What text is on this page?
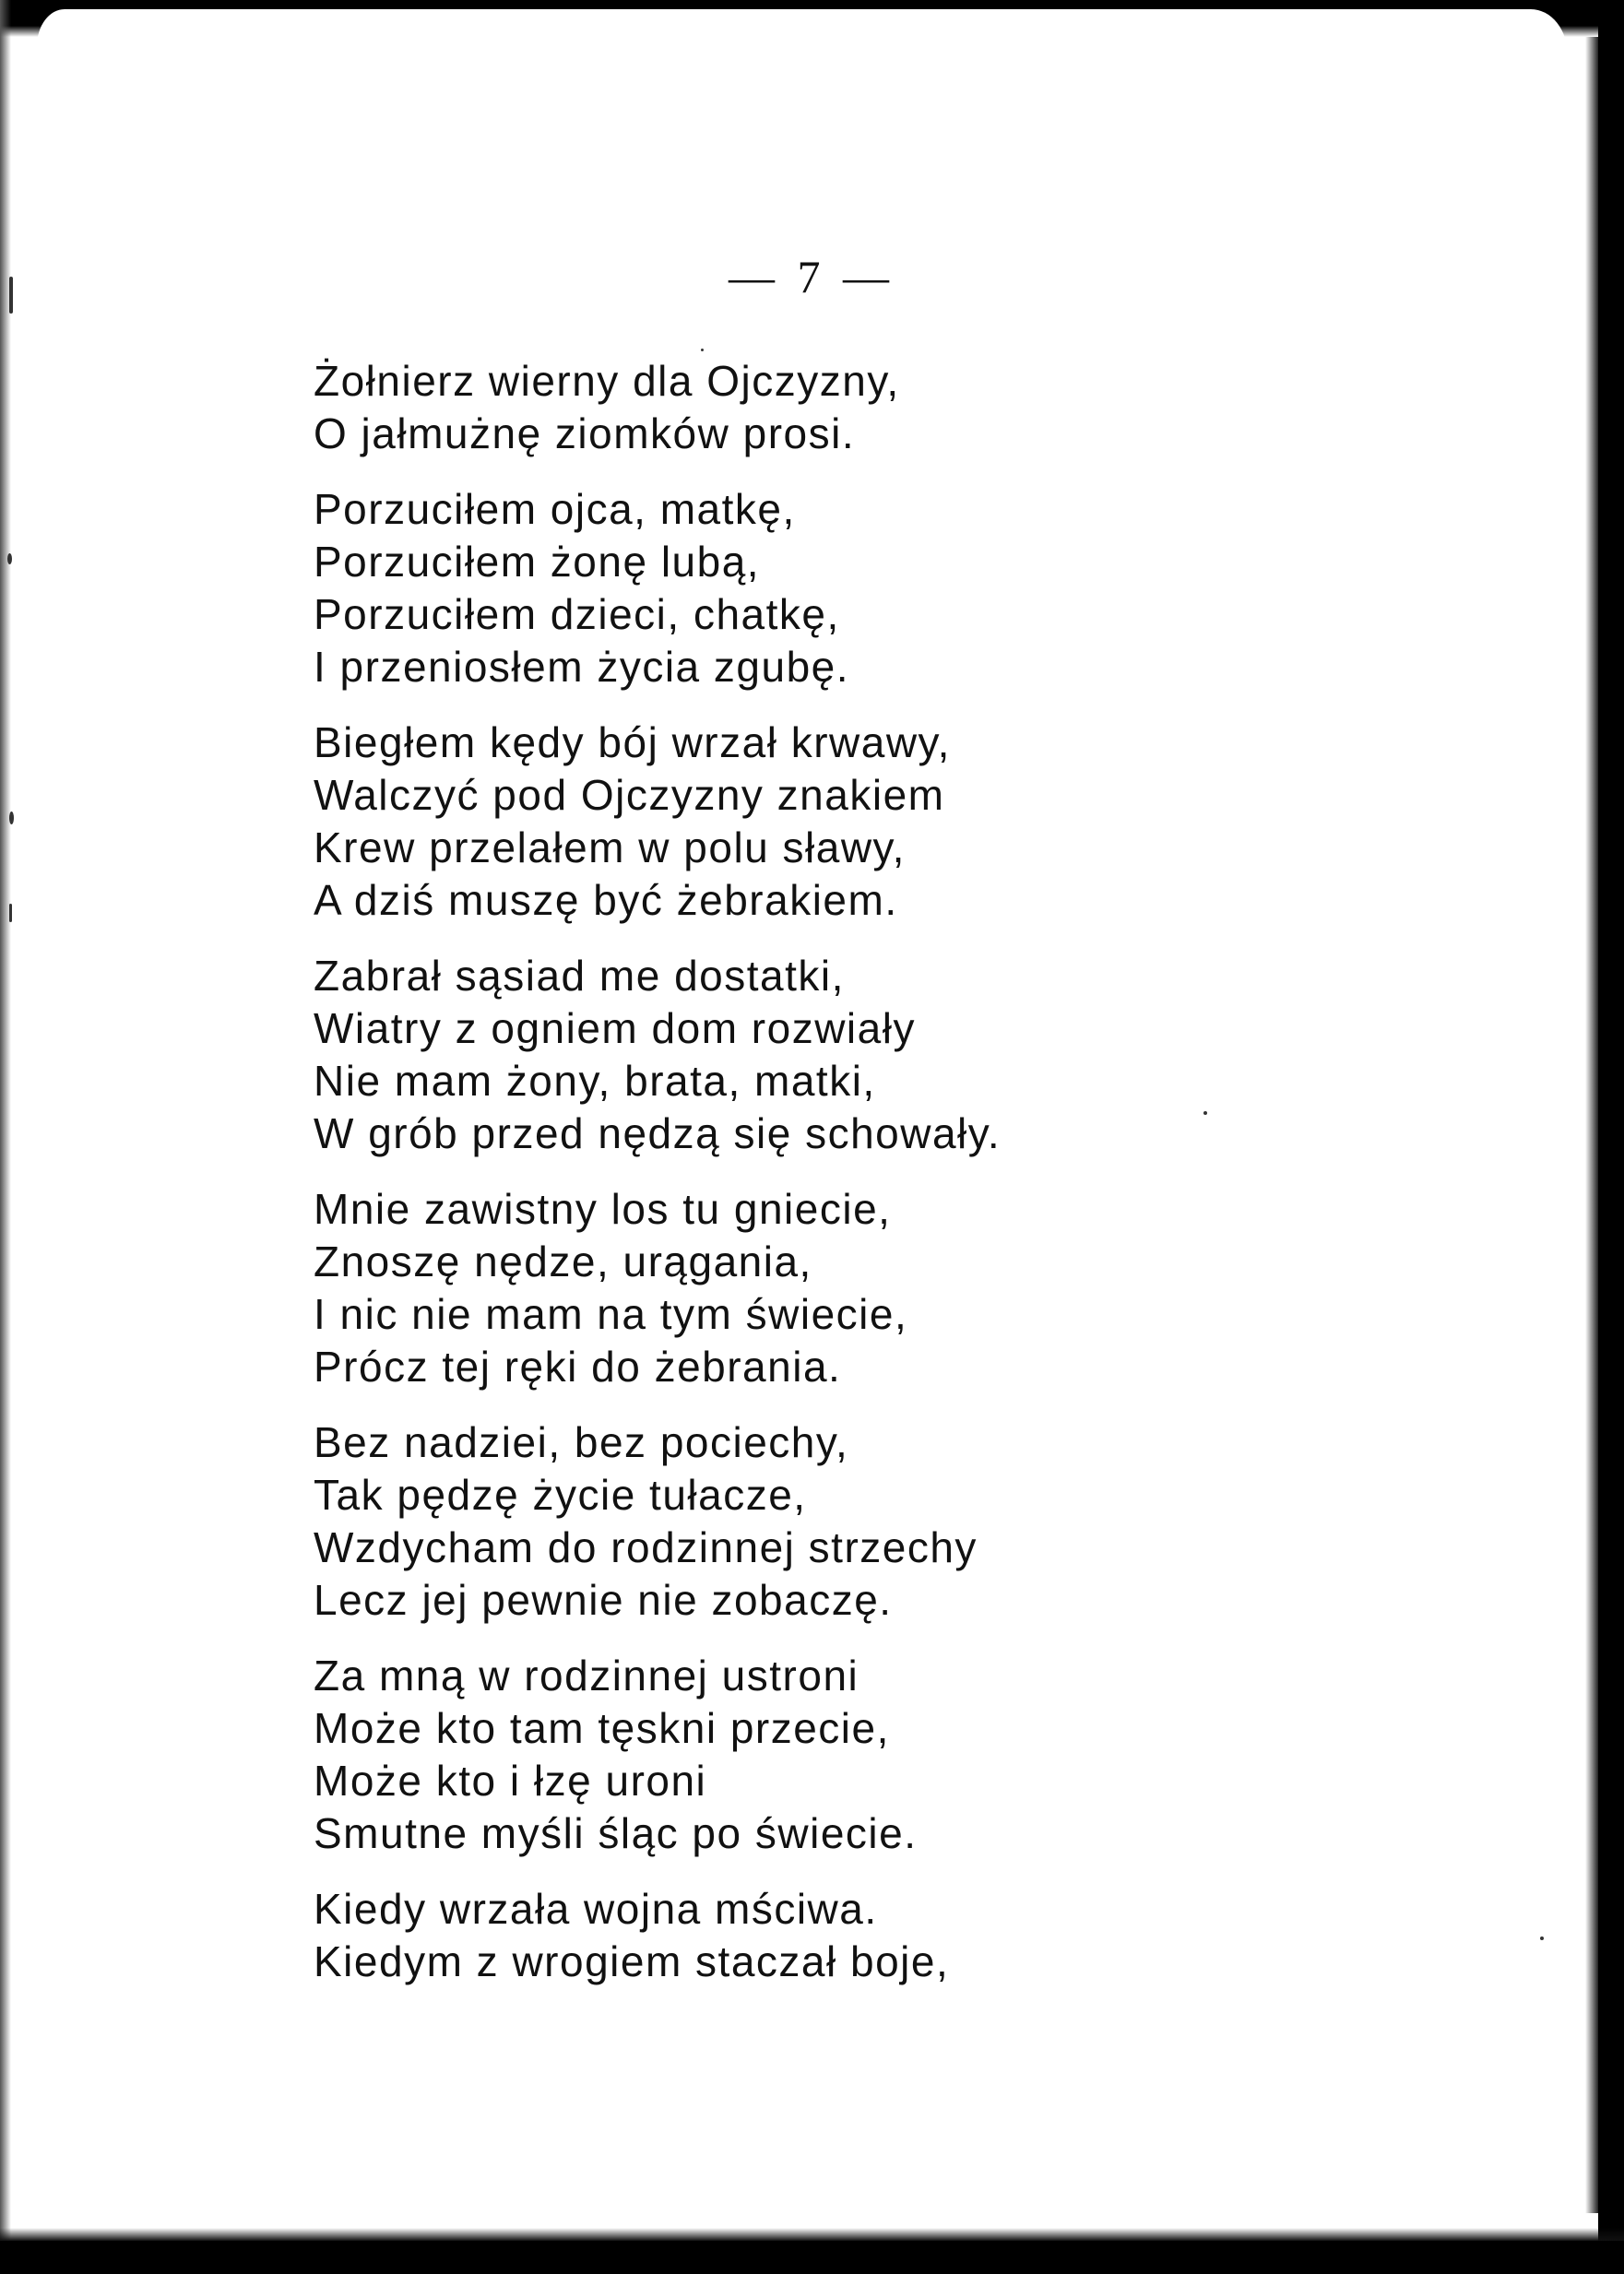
— 7 —
Żołnierz wierny dla Ojczyzny,
O jałmużnę ziomków prosi.
Porzuciłem ojca, matkę,
Porzuciłem żonę lubą,
Porzuciłem dzieci, chatkę,
I przeniosłem życia zgubę.
Biegłem kędy bój wrzał krwawy,
Walczyć pod Ojczyzny znakiem
Krew przelałem w polu sławy,
A dziś muszę być żebrakiem.
Zabrał sąsiad me dostatki,
Wiatry z ogniem dom rozwiały
Nie mam żony, brata, matki,
W grób przed nędzą się schowały.
Mnie zawistny los tu gniecie,
Znoszę nędze, urągania,
I nic nie mam na tym świecie,
Prócz tej ręki do żebrania.
Bez nadziei, bez pociechy,
Tak pędzę życie tułacze,
Wzdycham do rodzinnej strzechy
Lecz jej pewnie nie zobaczę.
Za mną w rodzinnej ustroni
Może kto tam tęskni przecie,
Może kto i łzę uroni
Smutne myśli śląc po świecie.
Kiedy wrzała wojna mściwa.
Kiedym z wrogiem staczał boje,
